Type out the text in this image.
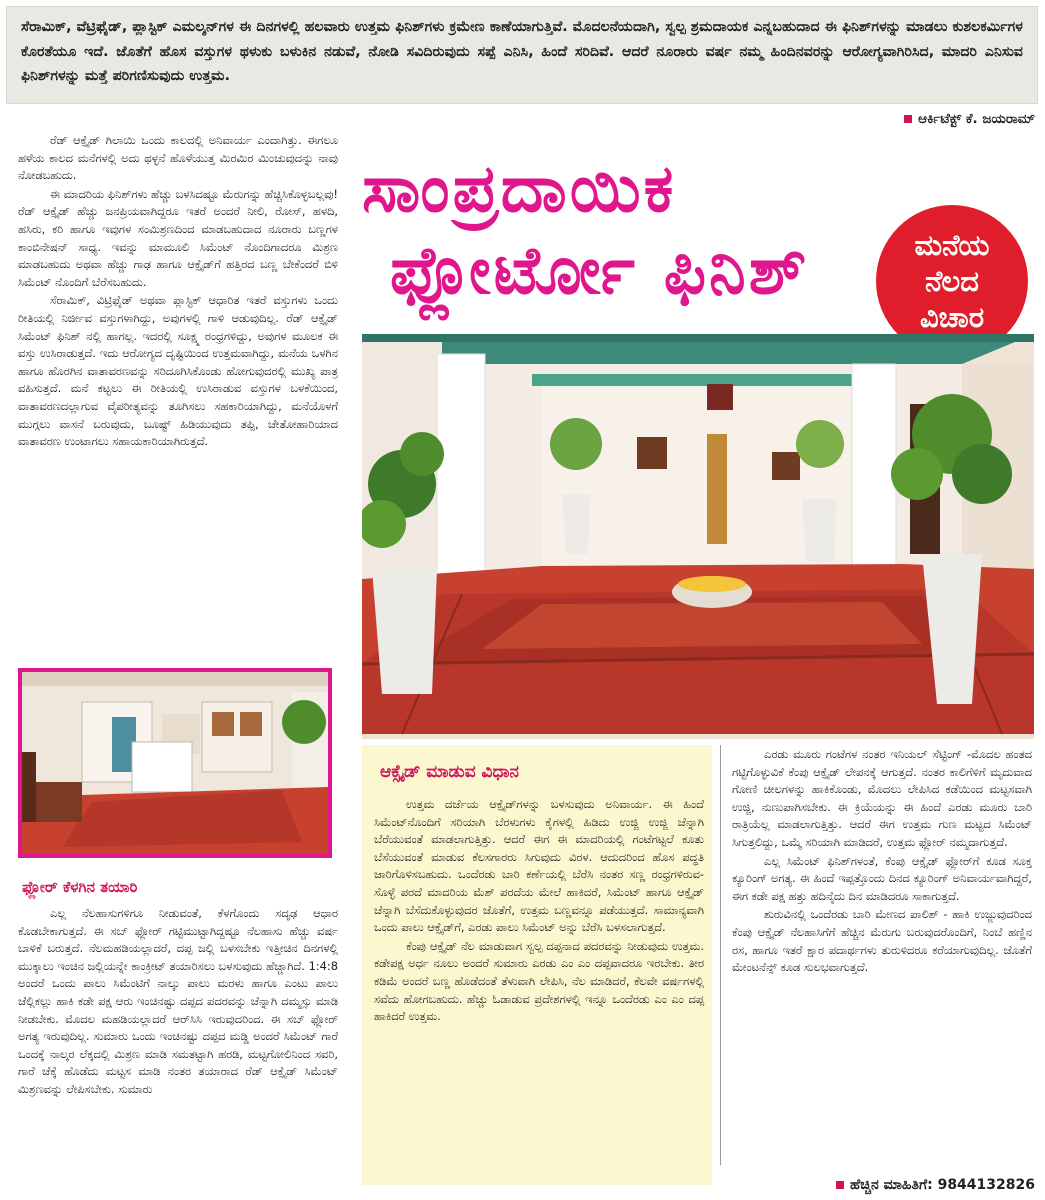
ಸೆರಾಮಿಕ್, ವೆಟ್ರಿಫೈಡ್, ಪ್ಲಾಸ್ಟಿಕ್ ಎಮಲ್ಶನ್‌ಗಳ ಈ ದಿನಗಳಲ್ಲಿ ಹಲವಾರು ಉತ್ತಮ ಫಿನಿಶ್‌ಗಳು ಕ್ರಮೇಣ ಕಾಣೆಯಾಗುತ್ತಿವೆ. ಮೊದಲನೆಯದಾಗಿ, ಸ್ವಲ್ಪ ಶ್ರಮದಾಯಕ ಎನ್ನಬಹುದಾದ ಈ ಫಿನಿಶ್‌ಗಳನ್ನು ಮಾಡಲು ಕುಶಲಕರ್ಮಿಗಳ ಕೊರತೆಯೂ ಇದೆ. ಜೊತೆಗೆ ಹೊಸ ವಸ್ತುಗಳ ಥಳುಕು ಬಳುಕಿನ ನಡುವೆ, ನೋಡಿ ಸವಿದಿರುವುದು ಸಪ್ಪೆ ಎನಿಸಿ, ಹಿಂದೆ ಸರಿದಿವೆ. ಆದರೆ ನೂರಾರು ವರ್ಷ ನಮ್ಮ ಹಿಂದಿನವರನ್ನು ಆರೋಗ್ಯವಾಗಿರಿಸಿದ, ಮಾದರಿ ಎನಿಸುವ ಫಿನಿಶ್‌ಗಳನ್ನು ಮತ್ತೆ ಪರಿಗಣಿಸುವುದು ಉತ್ತಮ.
ಆರ್ಕಿಟೆಕ್ಟ್ ಕೆ. ಜಯರಾಮ್

ರೆಡ್ ಆಕ್ಸೈಡ್ ಗಿಲಾಯಿ ಒಂದು ಕಾಲದಲ್ಲಿ ಅನಿವಾರ್ಯ ಎಂದಾಗಿತ್ತು. ಈಗಲೂ ಹಳೆಯ ಕಾಲದ ಮನೆಗಳಲ್ಲಿ ಅದು ಥಳ್ಳನೆ ಹೊಳೆಯುತ್ತ ಮಿರಮಿರ ಮಿಂಚುವುದನ್ನು ನಾವು ನೋಡಬಹುದು.

ಈ ಮಾದರಿಯ ಫಿನಿಶ್‌ಗಳು ಹೆಚ್ಚು ಬಳಸಿದಷ್ಟೂ ಮೆರುಗನ್ನು ಹೆಚ್ಚಿಸಿಕೊಳ್ಳಬಲ್ಲವು! ರೆಡ್ ಆಕ್ಸೈಡ್ ಹೆಚ್ಚು ಜನಪ್ರಿಯವಾಗಿದ್ದರೂ ಇತರೆ ಅಂದರೆ ನೀಲಿ, ರೋಸ್, ಹಳದಿ, ಹಸಿರು, ಕರಿ ಹಾಗೂ ಇವುಗಳ ಸಂಮಿಶ್ರಣದಿಂದ ಮಾಡಬಹುದಾದ ನೂರಾರು ಬಣ್ಣಗಳ ಕಾಂಬಿನೇಷನ್ ಸಾಧ್ಯ. ಇವನ್ನು ಮಾಮೂಲಿ ಸಿಮೆಂಟ್ ನೊಂದಿಗಾದರೂ ಮಿಶ್ರಣ ಮಾಡಬಹುದು ಅಥವಾ ಹೆಚ್ಚು ಗಾಢ ಹಾಗೂ ಆಕ್ಸೈಡ್‌ಗೆ ಹತ್ತಿರದ ಬಣ್ಣ ಬೇಕೆಂದರೆ ಬಿಳಿ ಸಿಮೆಂಟ್ ನೊಂದಿಗೆ ಬೆರೆಸಬಹುದು.

ಸೆರಾಮಿಕ್, ವಿಟ್ರಿಫೈಡ್ ಅಥವಾ ಪ್ಲಾಸ್ಟಿಕ್ ಆಧಾರಿತ ಇತರೆ ವಸ್ತುಗಳು ಒಂದು ರೀತಿಯಲ್ಲಿ ನಿರ್ಜೀವ ವಸ್ತುಗಳಾಗಿದ್ದು, ಅವುಗಳಲ್ಲಿ ಗಾಳಿ ಆಡುವುದಿಲ್ಲ. ರೆಡ್ ಆಕ್ಸೈಡ್ ಸಿಮೆಂಟ್ ಫಿನಿಶ್ ನಲ್ಲಿ ಹಾಗಲ್ಲ. ಇದರಲ್ಲಿ ಸೂಕ್ಷ್ಮ ರಂಧ್ರಗಳಿದ್ದು, ಅವುಗಳ ಮೂಲಕ ಈ ವಸ್ತು ಉಸಿರಾಡುತ್ತದೆ. ಇದು ಆರೋಗ್ಯದ ದೃಷ್ಟಿಯಿಂದ ಉತ್ತಮವಾಗಿದ್ದು, ಮನೆಯ ಒಳಗಿನ ಹಾಗೂ ಹೊರಗಿನ ವಾತಾವರಣವನ್ನು ಸರಿದೂಗಿಸಿಕೊಂಡು ಹೋಗುವುದರಲ್ಲಿ ಮುಖ್ಯ ಪಾತ್ರ ವಹಿಸುತ್ತದೆ. ಮನೆ ಕಟ್ಟಲು ಈ ರೀತಿಯಲ್ಲಿ ಉಸಿರಾಡುವ ವಸ್ತುಗಳ ಬಳಕೆಯಿಂದ, ವಾತಾವರಣದಲ್ಲಾಗುವ ವೈಪರೀತ್ಯವನ್ನು ತೂಗಿಸಲು ಸಹಕಾರಿಯಾಗಿದ್ದು, ಮನೆಯೊಳಗೆ ಮುಗ್ಗಲು ವಾಸನೆ ಬರುವುದು, ಬೂಷ್ಟ್ ಹಿಡಿಯುವುದು ತಪ್ಪಿ, ಚೇತೋಹಾರಿಯಾದ ವಾತಾವರಣ ಉಂಟಾಗಲು ಸಹಾಯಕಾರಿಯಾಗಿರುತ್ತದೆ.

ಸಾಂಪ್ರದಾಯಿಕ
ಫ್ಲೋರ್ಟೋ ಫಿನಿಶ್	ಮನೆಯ
ನೆಲದ
ವಿಚಾರ
ಫ್ಲೋರ್ ಕೆಳಗಿನ ತಯಾರಿ

ಎಲ್ಲ ನೆಲಹಾಸುಗಳಿಗೂ ನೀಡುವಂತೆ, ಕೆಳಗೊಂದು ಸದೃಢ ಆಧಾರ ಕೊಡಬೇಕಾಗುತ್ತದೆ. ಈ ಸಬ್ ಫ್ಲೋರ್ ಗಟ್ಟಿಮುಟ್ಟಾಗಿದ್ದಷ್ಟೂ ನೆಲಹಾಸು ಹೆಚ್ಚು ವರ್ಷ ಬಾಳಿಕೆ ಬರುತ್ತದೆ. ನೆಲಮಹಡಿಯಲ್ಲಾದರೆ, ದಪ್ಪ ಜಲ್ಲಿ ಬಳಸಬೇಕು ಇತ್ತೀಚಿನ ದಿನಗಳಲ್ಲಿ ಮುಕ್ಕಾಲು ಇಂಚಿನ ಜಲ್ಲಿಯನ್ನೇ ಕಾಂಕ್ರೀಟ್ ತಯಾರಿಸಲು ಬಳಸುವುದು ಹೆಚ್ಚಾಗಿದೆ. 1:4:8 ಅಂದರೆ ಒಂದು ಪಾಲು ಸಿಮೆಂಟಿಗೆ ನಾಲ್ಕು ಪಾಲು ಮರಳು ಹಾಗೂ ಎಂಟು ಪಾಲು ಜೆಲ್ಲಿಕಲ್ಲು ಹಾಕಿ ಕಡೇ ಪಕ್ಷ ಆರು ಇಂಚಿನಷ್ಟು ದಪ್ಪದ ಪದರವನ್ನು ಚೆನ್ನಾಗಿ ದಮ್ಮಸ್ಸು ಮಾಡಿ ನೀಡಬೇಕು. ಮೊದಲ ಮಹಡಿಯಲ್ಲಾದರೆ ಆರ್‌ಸಿಸಿ ಇರುವುದರಿಂದ. ಈ ಸಬ್ ಫ್ಲೋರ್ ಅಗತ್ಯ ಇರುವುದಿಲ್ಲ. ಸುಮಾರು ಒಂದು ಇಂಚಿನಷ್ಟು ದಪ್ಪದ ಮಡ್ಡಿ ಅಂದರೆ ಸಿಮೆಂಟ್ ಗಾರೆ ಒಂದಕ್ಕೆ ನಾಲ್ಕರ ಲೆಕ್ಕದಲ್ಲಿ ಮಿಶ್ರಣ ಮಾಡಿ ಸಮತಟ್ಟಾಗಿ ಹರಡಿ, ಮಟ್ಟಗೋಲಿನಿಂದ ಸವರಿ, ಗಾರೆ ಚೆಕ್ಕೆ ಹೊಡೆದು ಮಟ್ಟಸ ಮಾಡಿ ನಂತರ ತಯಾರಾದ ರೆಡ್ ಆಕ್ಸೈಡ್ ಸಿಮೆಂಟ್ ಮಿಶ್ರಣವನ್ನು ಲೇಪಿಸಬೇಕು. ಸುಮಾರು

ಆಕ್ಸೈಡ್ ಮಾಡುವ ವಿಧಾನ

ಉತ್ತಮ ದರ್ಜೆಯ ಆಕ್ಸೈಡ್‌ಗಳನ್ನು ಬಳಸುವುದು ಅನಿವಾರ್ಯ. ಈ ಹಿಂದೆ ಸಿಮೆಂಟ್‌ನೊಂದಿಗೆ ಸರಿಯಾಗಿ ಬೆರಳುಗಳು ಕೈಗಳಲ್ಲಿ ಹಿಡಿದು ಉಜ್ಜಿ ಉಜ್ಜಿ ಚೆನ್ನಾಗಿ ಬೆರೆಯುವಂತೆ ಮಾಡಲಾಗುತ್ತಿತ್ತು. ಆದರೆ ಈಗ ಈ ಮಾದರಿಯಲ್ಲಿ ಗಂಟೆಗಟ್ಟಲೆ ಕೂತು ಬೆಸೆಯುವಂತೆ ಮಾಡುವ ಕೆಲಸಗಾರರು ಸಿಗುವುದು ವಿರಳ. ಆದುದರಿಂದ ಹೊಸ ಪದ್ಧತಿ ಜಾರಿಗೊಳಿಸಬಹುದು. ಒಂದೆರಡು ಬಾರಿ ಕರ್ಣೆಯಲ್ಲಿ ಬೆರೆಸಿ ನಂತರ ಸಣ್ಣ ರಂಧ್ರಗಳಿರುವ- ಸೊಳ್ಳೆ ಪರದೆ ಮಾದರಿಯ ಮೆಶ್ ಪರದೆಯ ಮೇಲೆ ಹಾಕಿದರೆ, ಸಿಮೆಂಟ್ ಹಾಗೂ ಆಕ್ಸೈಡ್ ಚೆನ್ನಾಗಿ ಬೆಸೆದುಕೊಳ್ಳುವುದರ ಜೊತೆಗೆ, ಉತ್ತಮ ಬಣ್ಣವನ್ನೂ ಪಡೆಯುತ್ತದೆ. ಸಾಮಾನ್ಯವಾಗಿ ಒಂದು ಪಾಲು ಆಕ್ಸೈಡ್‌ಗೆ, ಎರಡು ಪಾಲು ಸಿಮೆಂಟ್ ಅನ್ನು ಬೆರೆಸಿ ಬಳಸಲಾಗುತ್ತದೆ.

ಕೆಂಪು ಆಕ್ಸೈಡ್ ನೆಲ ಮಾಡುವಾಗ ಸ್ವಲ್ಪ ದಪ್ಪನಾದ ಪದರವನ್ನು ನೀಡುವುದು ಉತ್ತಮ. ಕಡೇಪಕ್ಷ ಅರ್ಧ ನೂಲು ಅಂದರೆ ಸುಮಾರು ಎರಡು ಎಂ ಎಂ ದಪ್ಪವಾದರೂ ಇರಬೇಕು. ತೀರ ಕಡಿಮೆ ಅಂದರೆ ಬಣ್ಣ ಹೊಡೆದಂತೆ ತೆಳುವಾಗಿ ಲೇಪಿಸಿ, ನೆಲ ಮಾಡಿದರೆ, ಕೆಲವೇ ವರ್ಷಗಳಲ್ಲಿ ಸವೆದು ಹೋಗಬಹುದು. ಹೆಚ್ಚು ಓಡಾಡುವ ಪ್ರದೇಶಗಳಲ್ಲಿ ಇನ್ನೂ ಒಂದೆರಡು ಎಂ ಎಂ ದಪ್ಪ ಹಾಕಿದರೆ ಉತ್ತಮ.

ಎರಡು ಮೂರು ಗಂಟೆಗಳ ನಂತರ ಇನಿಯಲ್ ಸೆಟ್ಟಿಂಗ್ -ಮೊದಲ ಹಂತದ ಗಟ್ಟಿಗೊಳ್ಳುವಿಕೆ ಕೆಂಪು ಆಕ್ಸೈಡ್ ಲೇಪನಕ್ಕೆ ಆಗುತ್ತದೆ. ನಂತರ ಕಾಲಿಗೆಳಿಗೆ ಮೃದುವಾದ ಗೋಣಿ ಚೀಲಗಳನ್ನು ಹಾಕಿಕೊಂಡು, ಮೊದಲು ಲೇಪಿಸಿದ ಕಡೆಯಿಂದ ಮಟ್ಟಸವಾಗಿ ಉಜ್ಜಿ, ನುಣುಪಾಗಿಸಬೇಕು. ಈ ಕ್ರಿಯೆಯನ್ನು ಈ ಹಿಂದೆ ಎರಡು ಮೂರು ಬಾರಿ ರಾತ್ರಿಯೆಲ್ಲ ಮಾಡಲಾಗುತ್ತಿತ್ತು. ಆದರೆ ಈಗ ಉತ್ತಮ ಗುಣ ಮಟ್ಟದ ಸಿಮೆಂಟ್ ಸಿಗುತ್ತಲಿದ್ದು, ಒಮ್ಮೆ ಸರಿಯಾಗಿ ಮಾಡಿದರೆ, ಉತ್ತಮ ಫ್ಲೋರ್ ನಮ್ಮದಾಗುತ್ತದೆ.

ಎಲ್ಲ ಸಿಮೆಂಟ್ ಫಿನಿಶ್‌ಗಳಂತೆ, ಕೆಂಪು ಆಕ್ಸೈಡ್ ಫ್ಲೋರ್‌ಗೆ ಕೂಡ ಸೂಕ್ತ ಕ್ಯೂರಿಂಗ್ ಅಗತ್ಯ. ಈ ಹಿಂದೆ ಇಪ್ಪತ್ತೊಂದು ದಿನದ ಕ್ಯೂರಿಂಗ್ ಅನಿವಾರ್ಯವಾಗಿದ್ದರೆ, ಈಗ ಕಡೇ ಪಕ್ಷ ಹತ್ತು ಹದಿನೈದು ದಿನ ಮಾಡಿದರೂ ಸಾಕಾಗುತ್ತದೆ.

ಶುರುವಿನಲ್ಲಿ ಒಂದೆರಡು ಬಾರಿ ಮೇಣದ ಪಾಲಿಶ್ - ಹಾಕಿ ಉಜ್ಜುವುದರಿಂದ ಕೆಂಪು ಆಕ್ಸೈಡ್ ನೆಲಹಾಸಿಗೆಗೆ ಹೆಚ್ಚಿನ ಮೆರುಗು ಬರುವುದರೊಂದಿಗೆ, ನಿಂಬೆ ಹಣ್ಣಿನ ರಸ, ಹಾಗೂ ಇತರೆ ಕ್ಷಾರ ಪದಾರ್ಥಗಳು ತುರುಳಿದರೂ ಕರೆಯಾಗುವುದಿಲ್ಲ. ಜೊತೆಗೆ ಮೇಂಟನೆನ್ಸ್ ಕೂಡ ಸುಲಭವಾಗುತ್ತದೆ.

ಹೆಚ್ಚಿನ ಮಾಹಿತಿಗೆ: 9844132826
